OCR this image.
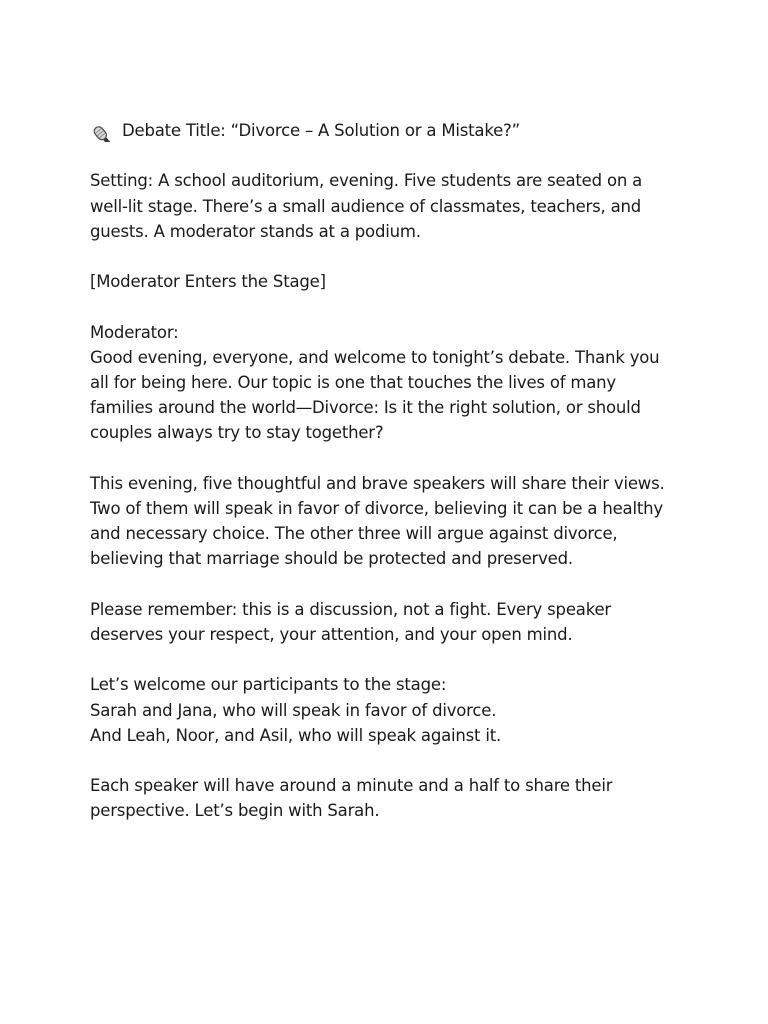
Debate Title: “Divorce – A Solution or a Mistake?”

Setting: A school auditorium, evening. Five students are seated on a
well-lit stage. There’s a small audience of classmates, teachers, and
guests. A moderator stands at a podium.

[Moderator Enters the Stage]

Moderator:
Good evening, everyone, and welcome to tonight’s debate. Thank you
all for being here. Our topic is one that touches the lives of many
families around the world—Divorce: Is it the right solution, or should
couples always try to stay together?

This evening, five thoughtful and brave speakers will share their views.
Two of them will speak in favor of divorce, believing it can be a healthy
and necessary choice. The other three will argue against divorce,
believing that marriage should be protected and preserved.

Please remember: this is a discussion, not a fight. Every speaker
deserves your respect, your attention, and your open mind.

Let’s welcome our participants to the stage:
Sarah and Jana, who will speak in favor of divorce.
And Leah, Noor, and Asil, who will speak against it.

Each speaker will have around a minute and a half to share their
perspective. Let’s begin with Sarah.
